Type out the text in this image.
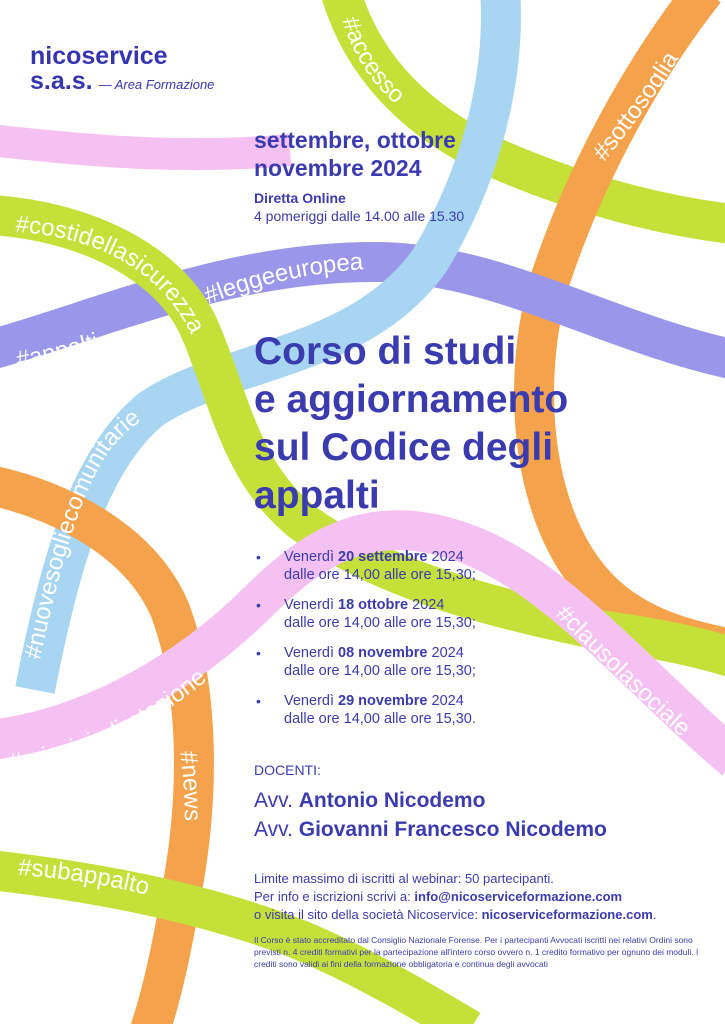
#accesso
#sottosoglia
#costidellasicurezza
#leggeeuropea
#appalti
#nuovesogliecomunitarie
#principiodirotazione
#clausolasociale
#news
#subappalto
nicoservice
s.a.s. — Area Formazione
settembre, ottobre
novembre 2024
Diretta Online
4 pomeriggi dalle 14.00 alle 15.30
Corso di studi
e aggiornamento
sul Codice degli
appalti
• Venerdì 20 settembre 2024
dalle ore 14,00 alle ore 15,30;
• Venerdì 18 ottobre 2024
dalle ore 14,00 alle ore 15,30;
• Venerdì 08 novembre 2024
dalle ore 14,00 alle ore 15,30;
• Venerdì 29 novembre 2024
dalle ore 14,00 alle ore 15,30.
DOCENTI:
Avv. Antonio Nicodemo
Avv. Giovanni Francesco Nicodemo
Limite massimo di iscritti al webinar: 50 partecipanti.
Per info e iscrizioni scrivi a: info@nicoserviceformazione.com
o visita il sito della società Nicoservice: nicoserviceformazione.com.
Il Corso è stato accreditato dal Consiglio Nazionale Forense. Per i partecipanti Avvocati iscritti nei relativi Ordini sono previsti n. 4 crediti formativi per la partecipazione all'intero corso ovvero n. 1 credito formativo per ognuno dei moduli. I crediti sono validi ai fini della formazione obbligatoria e continua degli avvocati
